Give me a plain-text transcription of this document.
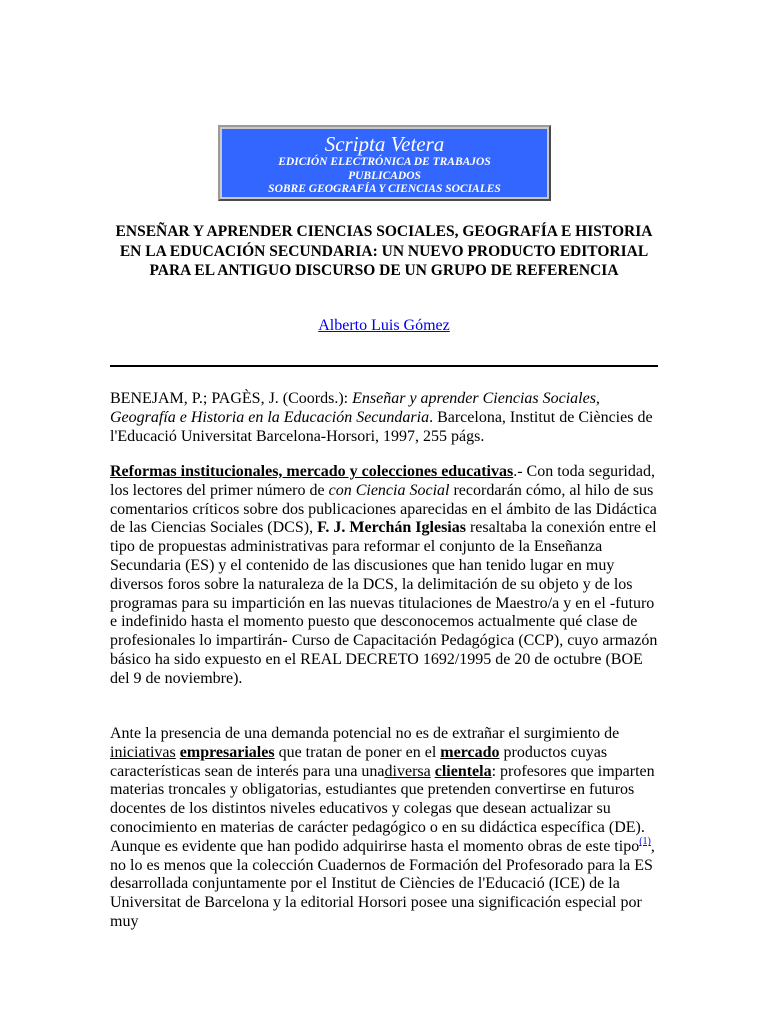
Scripta Vetera
EDICIÓN ELECTRÓNICA DE TRABAJOS
PUBLICADOS
SOBRE GEOGRAFÍA Y CIENCIAS SOCIALES
ENSEÑAR Y APRENDER CIENCIAS SOCIALES, GEOGRAFÍA E HISTORIA EN LA EDUCACIÓN SECUNDARIA: UN NUEVO PRODUCTO EDITORIAL PARA EL ANTIGUO DISCURSO DE UN GRUPO DE REFERENCIA
Alberto Luis Gómez

BENEJAM, P.; PAGÈS, J. (Coords.): Enseñar y aprender Ciencias Sociales, Geografía e Historia en la Educación Secundaria. Barcelona, Institut de Ciències de l'Educació Universitat Barcelona-Horsori, 1997, 255 págs.

Reformas institucionales, mercado y colecciones educativas.- Con toda seguridad, los lectores del primer número de con Ciencia Social recordarán cómo, al hilo de sus comentarios críticos sobre dos publicaciones aparecidas en el ámbito de las Didáctica de las Ciencias Sociales (DCS), F. J. Merchán Iglesias resaltaba la conexión entre el tipo de propuestas administrativas para reformar el conjunto de la Enseñanza Secundaria (ES) y el contenido de las discusiones que han tenido lugar en muy diversos foros sobre la naturaleza de la DCS, la delimitación de su objeto y de los programas para su impartición en las nuevas titulaciones de Maestro/a y en el -futuro e indefinido hasta el momento puesto que desconocemos actualmente qué clase de profesionales lo impartirán- Curso de Capacitación Pedagógica (CCP), cuyo armazón básico ha sido expuesto en el REAL DECRETO 1692/1995 de 20 de octubre (BOE del 9 de noviembre).

Ante la presencia de una demanda potencial no es de extrañar el surgimiento de iniciativas empresariales que tratan de poner en el mercado productos cuyas características sean de interés para una unadiversa clientela: profesores que imparten materias troncales y obligatorias, estudiantes que pretenden convertirse en futuros docentes de los distintos niveles educativos y colegas que desean actualizar su conocimiento en materias de carácter pedagógico o en su didáctica específica (DE). Aunque es evidente que han podido adquirirse hasta el momento obras de este tipo$^{(1)}$, no lo es menos que la colección Cuadernos de Formación del Profesorado para la ES desarrollada conjuntamente por el Institut de Ciències de l'Educació (ICE) de la Universitat de Barcelona y la editorial Horsori posee una significación especial por muy
